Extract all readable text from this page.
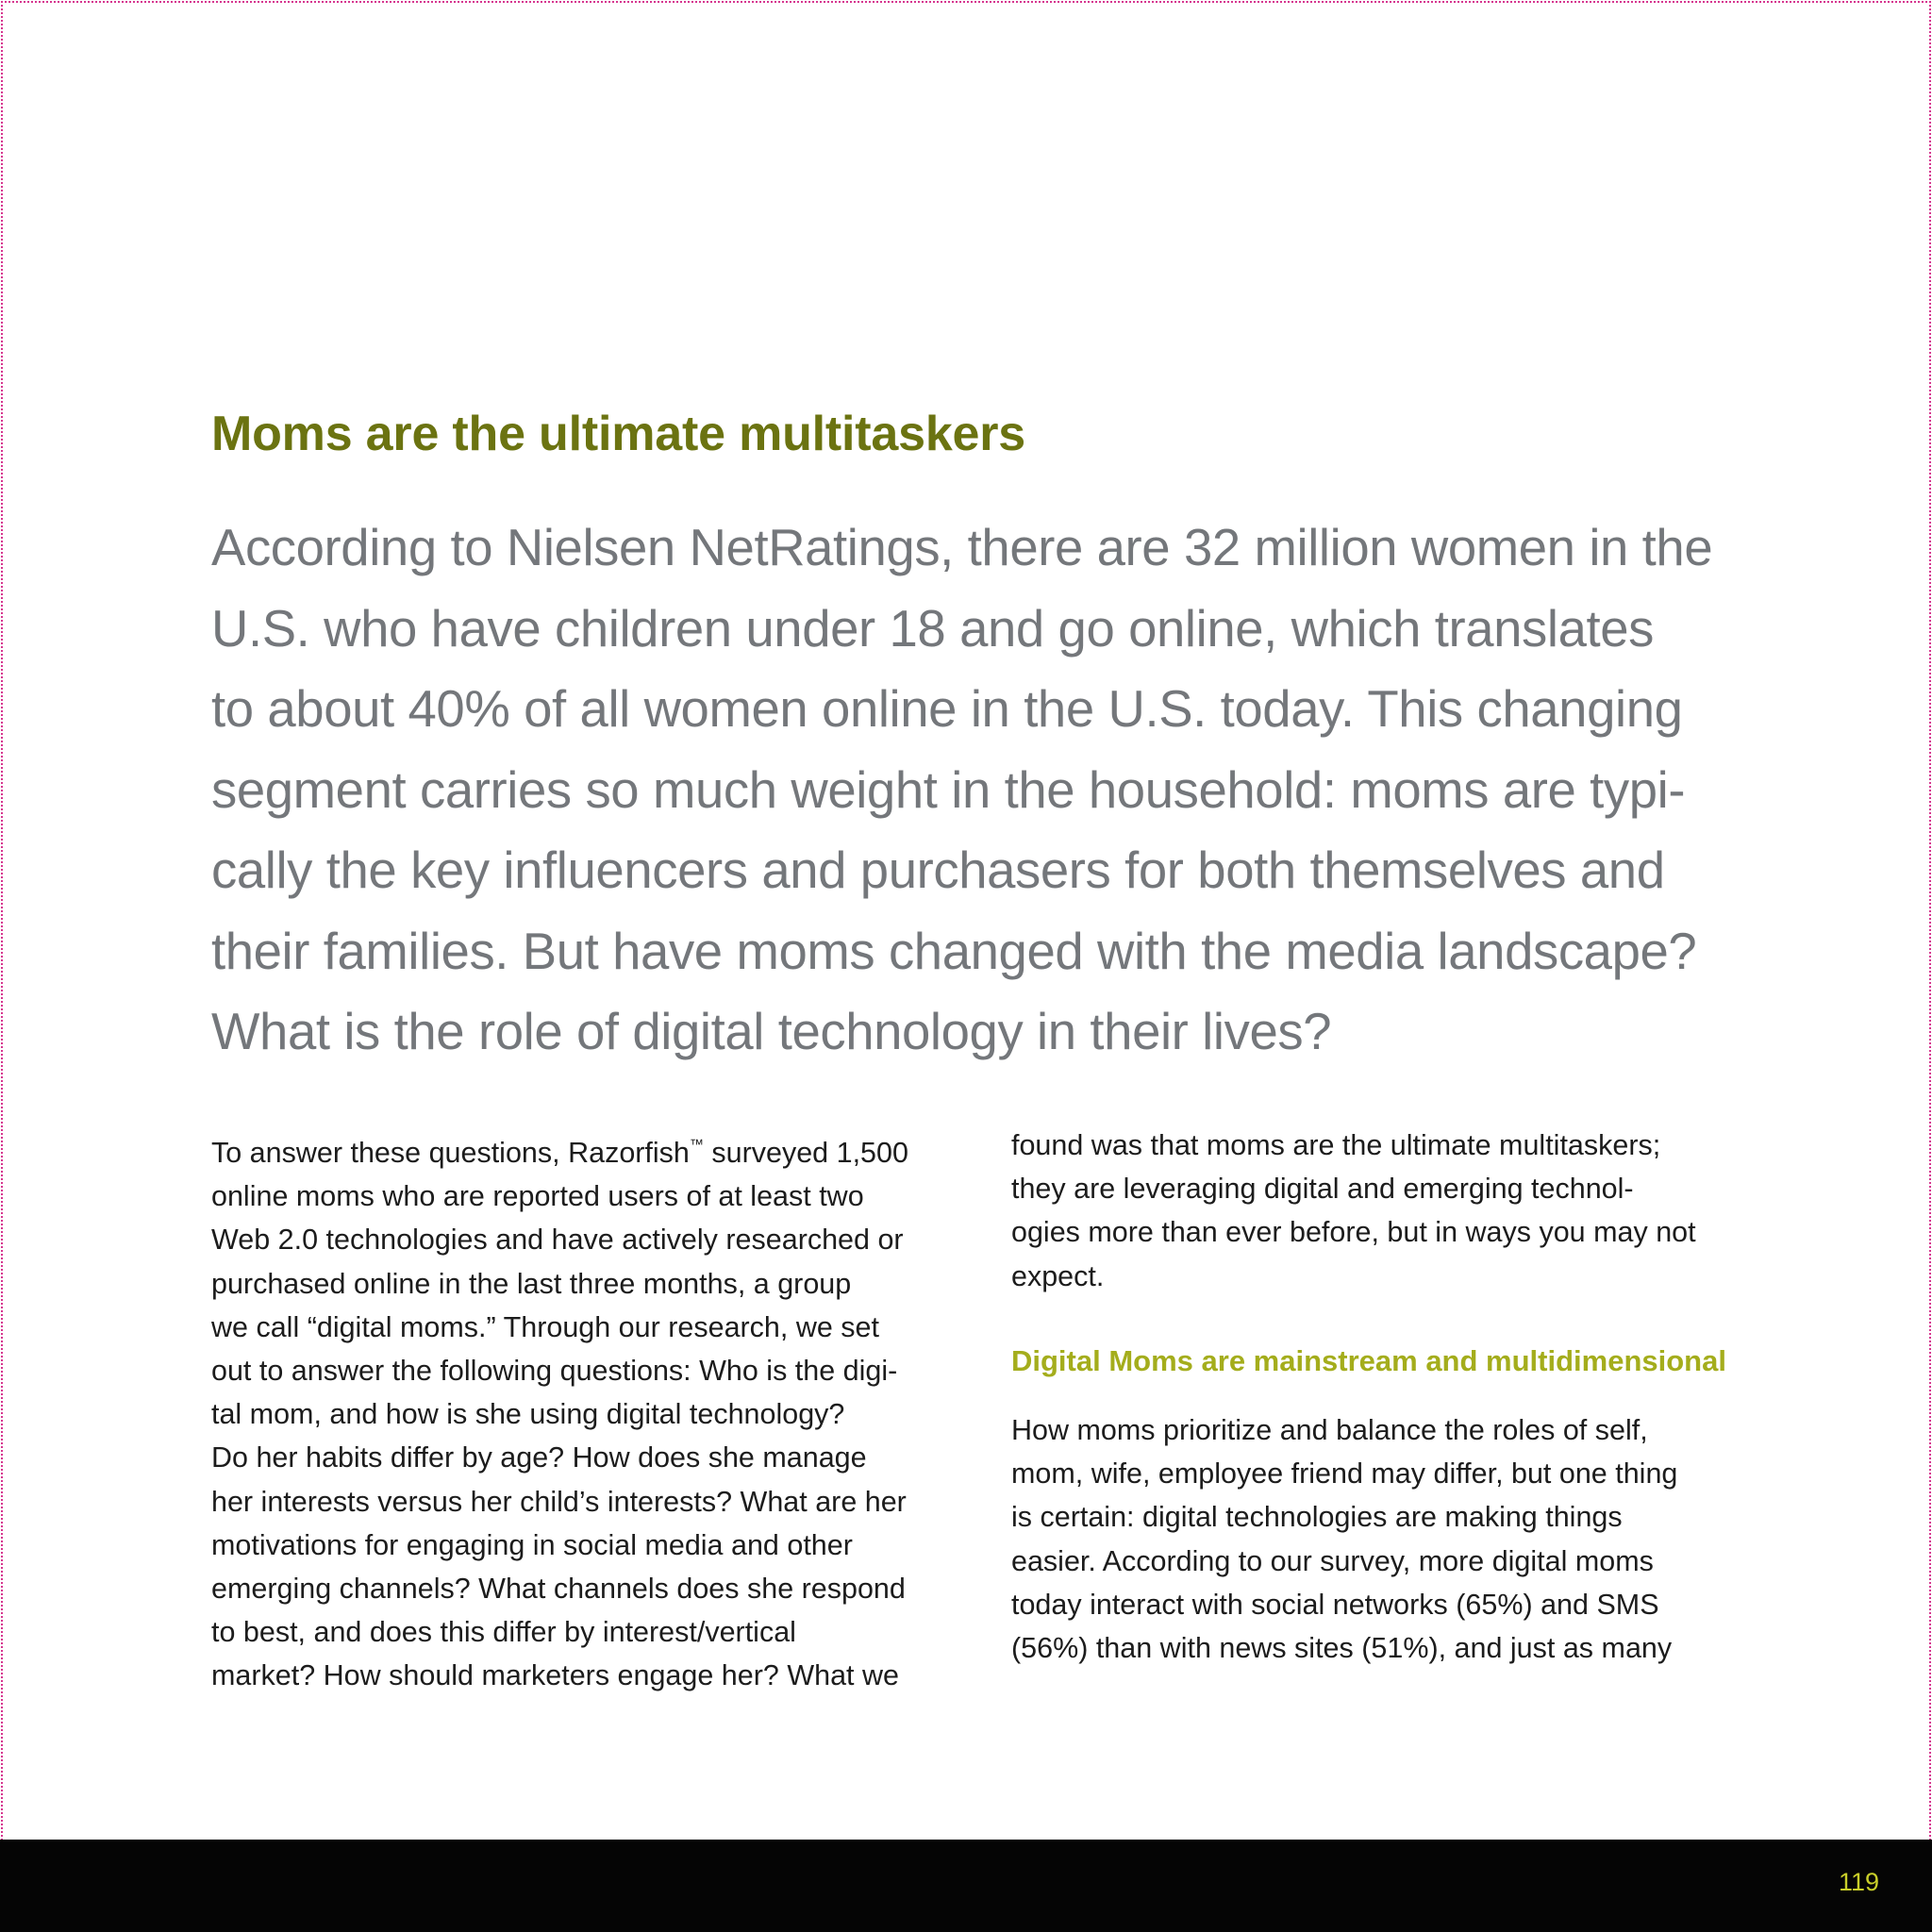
Moms are the ultimate multitaskers

According to Nielsen NetRatings, there are 32 million women in the
U.S. who have children under 18 and go online, which translates
to about 40% of all women online in the U.S. today. This changing
segment carries so much weight in the household: moms are typi-
cally the key influencers and purchasers for both themselves and
their families. But have moms changed with the media landscape?
What is the role of digital technology in their lives?

To answer these questions, Razorfish™ surveyed 1,500
online moms who are reported users of at least two
Web 2.0 technologies and have actively researched or
purchased online in the last three months, a group
we call “digital moms.” Through our research, we set
out to answer the following questions: Who is the digi-
tal mom, and how is she using digital technology?
Do her habits differ by age? How does she manage
her interests versus her child’s interests? What are her
motivations for engaging in social media and other
emerging channels? What channels does she respond
to best, and does this differ by interest/vertical
market? How should marketers engage her? What we

found was that moms are the ultimate multitaskers;
they are leveraging digital and emerging technol-
ogies more than ever before, but in ways you may not
expect.

Digital Moms are mainstream and multidimensional

How moms prioritize and balance the roles of self,
mom, wife, employee friend may differ, but one thing
is certain: digital technologies are making things
easier. According to our survey, more digital moms
today interact with social networks (65%) and SMS
(56%) than with news sites (51%), and just as many

119
